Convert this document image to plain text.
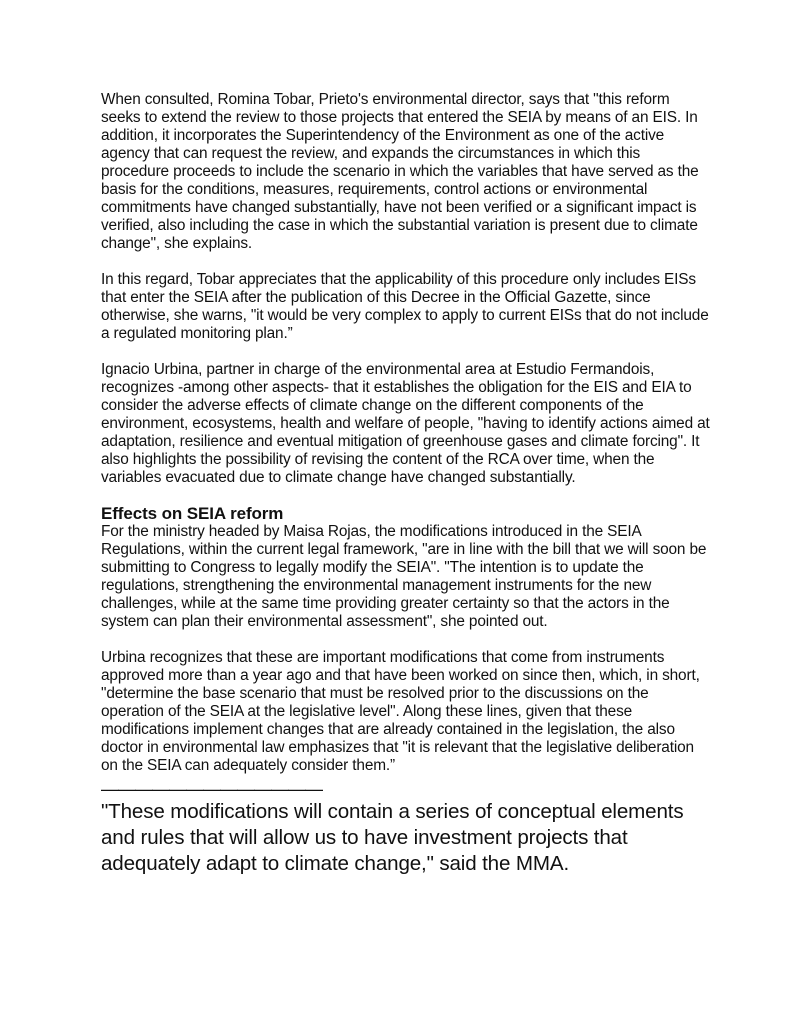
When consulted, Romina Tobar, Prieto's environmental director, says that "this reform seeks to extend the review to those projects that entered the SEIA by means of an EIS. In addition, it incorporates the Superintendency of the Environment as one of the active agency that can request the review, and expands the circumstances in which this procedure proceeds to include the scenario in which the variables that have served as the basis for the conditions, measures, requirements, control actions or environmental commitments have changed substantially, have not been verified or a significant impact is verified, also including the case in which the substantial variation is present due to climate change", she explains.

In this regard, Tobar appreciates that the applicability of this procedure only includes EISs that enter the SEIA after the publication of this Decree in the Official Gazette, since otherwise, she warns, "it would be very complex to apply to current EISs that do not include a regulated monitoring plan.”

Ignacio Urbina, partner in charge of the environmental area at Estudio Fermandois, recognizes -among other aspects- that it establishes the obligation for the EIS and EIA to consider the adverse effects of climate change on the different components of the environment, ecosystems, health and welfare of people, "having to identify actions aimed at adaptation, resilience and eventual mitigation of greenhouse gases and climate forcing". It also highlights the possibility of revising the content of the RCA over time, when the variables evacuated due to climate change have changed substantially.

Effects on SEIA reform

For the ministry headed by Maisa Rojas, the modifications introduced in the SEIA Regulations, within the current legal framework, "are in line with the bill that we will soon be submitting to Congress to legally modify the SEIA". "The intention is to update the regulations, strengthening the environmental management instruments for the new challenges, while at the same time providing greater certainty so that the actors in the system can plan their environmental assessment", she pointed out.

Urbina recognizes that these are important modifications that come from instruments approved more than a year ago and that have been worked on since then, which, in short, "determine the base scenario that must be resolved prior to the discussions on the operation of the SEIA at the legislative level". Along these lines, given that these modifications implement changes that are already contained in the legislation, the also doctor in environmental law emphasizes that "it is relevant that the legislative deliberation on the SEIA can adequately consider them.”

—————————————

"These modifications will contain a series of conceptual elements and rules that will allow us to have investment projects that adequately adapt to climate change," said the MMA.
